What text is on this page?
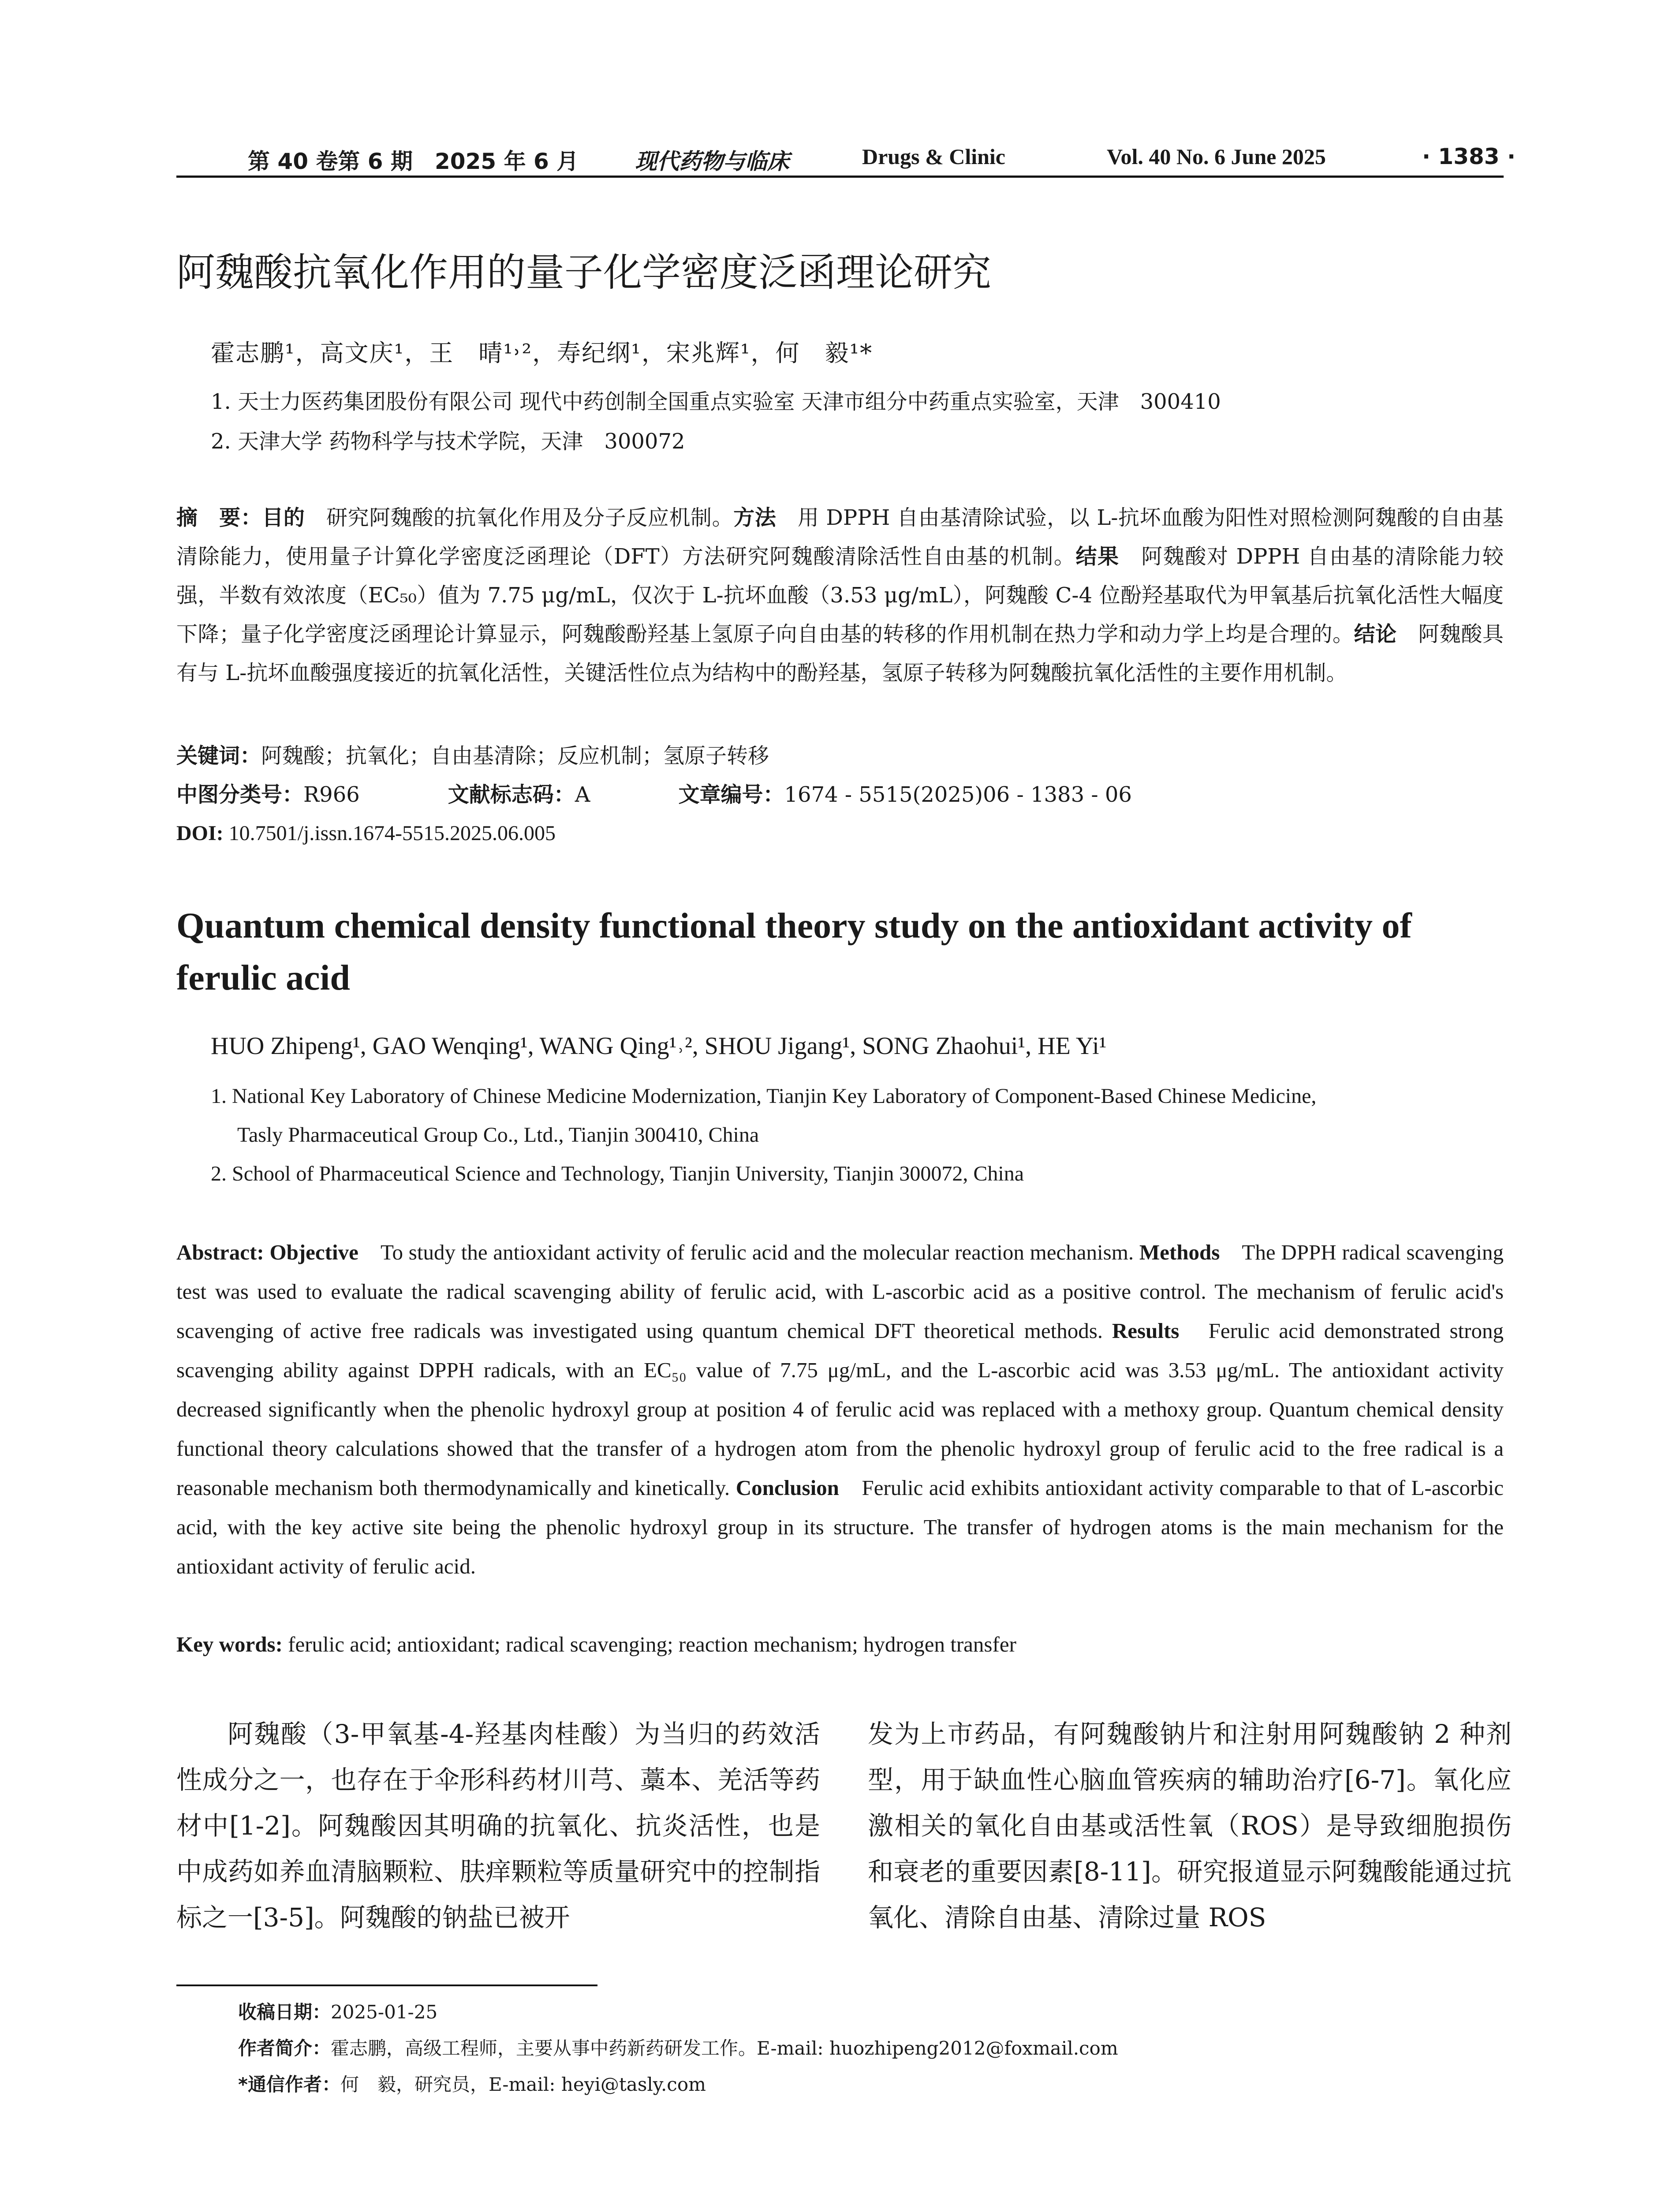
第 40 卷第 6 期　2025 年 6 月	现代药物与临床	Drugs & Clinic	Vol. 40 No. 6 June 2025	· 1383 ·
阿魏酸抗氧化作用的量子化学密度泛函理论研究
霍志鹏¹，高文庆¹，王　晴¹˒²，寿纪纲¹，宋兆辉¹，何　毅¹*
1. 天士力医药集团股份有限公司 现代中药创制全国重点实验室 天津市组分中药重点实验室，天津　300410
2. 天津大学 药物科学与技术学院，天津　300072
摘　要：目的　研究阿魏酸的抗氧化作用及分子反应机制。方法　用 DPPH 自由基清除试验，以 L-抗坏血酸为阳性对照检测阿魏酸的自由基清除能力，使用量子计算化学密度泛函理论（DFT）方法研究阿魏酸清除活性自由基的机制。结果　阿魏酸对 DPPH 自由基的清除能力较强，半数有效浓度（EC₅₀）值为 7.75 μg/mL，仅次于 L-抗坏血酸（3.53 μg/mL），阿魏酸 C-4 位酚羟基取代为甲氧基后抗氧化活性大幅度下降；量子化学密度泛函理论计算显示，阿魏酸酚羟基上氢原子向自由基的转移的作用机制在热力学和动力学上均是合理的。结论　阿魏酸具有与 L-抗坏血酸强度接近的抗氧化活性，关键活性位点为结构中的酚羟基，氢原子转移为阿魏酸抗氧化活性的主要作用机制。
关键词：阿魏酸；抗氧化；自由基清除；反应机制；氢原子转移
中图分类号：R966	文献标志码：A	文章编号：1674 - 5515(2025)06 - 1383 - 06
DOI: 10.7501/j.issn.1674-5515.2025.06.005
Quantum chemical density functional theory study on the antioxidant activity of ferulic acid
HUO Zhipeng¹, GAO Wenqing¹, WANG Qing¹˒², SHOU Jigang¹, SONG Zhaohui¹, HE Yi¹
1. National Key Laboratory of Chinese Medicine Modernization, Tianjin Key Laboratory of Component-Based Chinese Medicine,
Tasly Pharmaceutical Group Co., Ltd., Tianjin 300410, China
2. School of Pharmaceutical Science and Technology, Tianjin University, Tianjin 300072, China
Abstract: Objective　To study the antioxidant activity of ferulic acid and the molecular reaction mechanism. Methods　The DPPH radical scavenging test was used to evaluate the radical scavenging ability of ferulic acid, with L-ascorbic acid as a positive control. The mechanism of ferulic acid's scavenging of active free radicals was investigated using quantum chemical DFT theoretical methods. Results　Ferulic acid demonstrated strong scavenging ability against DPPH radicals, with an EC₅₀ value of 7.75 μg/mL, and the L-ascorbic acid was 3.53 μg/mL. The antioxidant activity decreased significantly when the phenolic hydroxyl group at position 4 of ferulic acid was replaced with a methoxy group. Quantum chemical density functional theory calculations showed that the transfer of a hydrogen atom from the phenolic hydroxyl group of ferulic acid to the free radical is a reasonable mechanism both thermodynamically and kinetically. Conclusion　Ferulic acid exhibits antioxidant activity comparable to that of L-ascorbic acid, with the key active site being the phenolic hydroxyl group in its structure. The transfer of hydrogen atoms is the main mechanism for the antioxidant activity of ferulic acid.
Key words: ferulic acid; antioxidant; radical scavenging; reaction mechanism; hydrogen transfer
阿魏酸（3-甲氧基-4-羟基肉桂酸）为当归的药效活性成分之一，也存在于伞形科药材川芎、藁本、羌活等药材中[1-2]。阿魏酸因其明确的抗氧化、抗炎活性，也是中成药如养血清脑颗粒、肤痒颗粒等质量研究中的控制指标之一[3-5]。阿魏酸的钠盐已被开
发为上市药品，有阿魏酸钠片和注射用阿魏酸钠 2 种剂型，用于缺血性心脑血管疾病的辅助治疗[6-7]。氧化应激相关的氧化自由基或活性氧（ROS）是导致细胞损伤和衰老的重要因素[8-11]。研究报道显示阿魏酸能通过抗氧化、清除自由基、清除过量 ROS
收稿日期：2025-01-25
作者简介：霍志鹏，高级工程师，主要从事中药新药研发工作。E-mail: huozhipeng2012@foxmail.com
*通信作者：何　毅，研究员，E-mail: heyi@tasly.com
